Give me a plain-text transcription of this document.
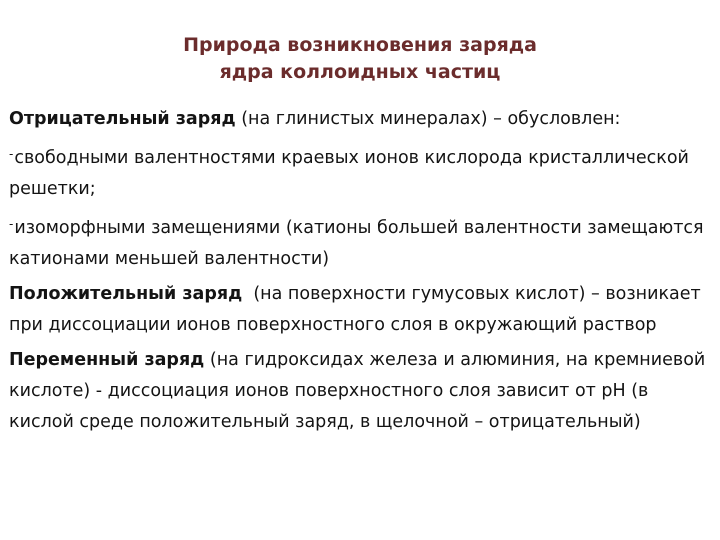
Природа возникновения заряда
ядра коллоидных частиц

Отрицательный заряд (на глинистых минералах) – обусловлен:

-свободными валентностями краевых ионов кислорода кристаллической решетки;

-изоморфными замещениями (катионы большей валентности замещаются катионами меньшей валентности)

Положительный заряд  (на поверхности гумусовых кислот) – возникает при диссоциации ионов поверхностного слоя в окружающий раствор

Переменный заряд (на гидроксидах железа и алюминия, на кремниевой кислоте) - диссоциация ионов поверхностного слоя зависит от рН (в кислой среде положительный заряд, в щелочной – отрицательный)
